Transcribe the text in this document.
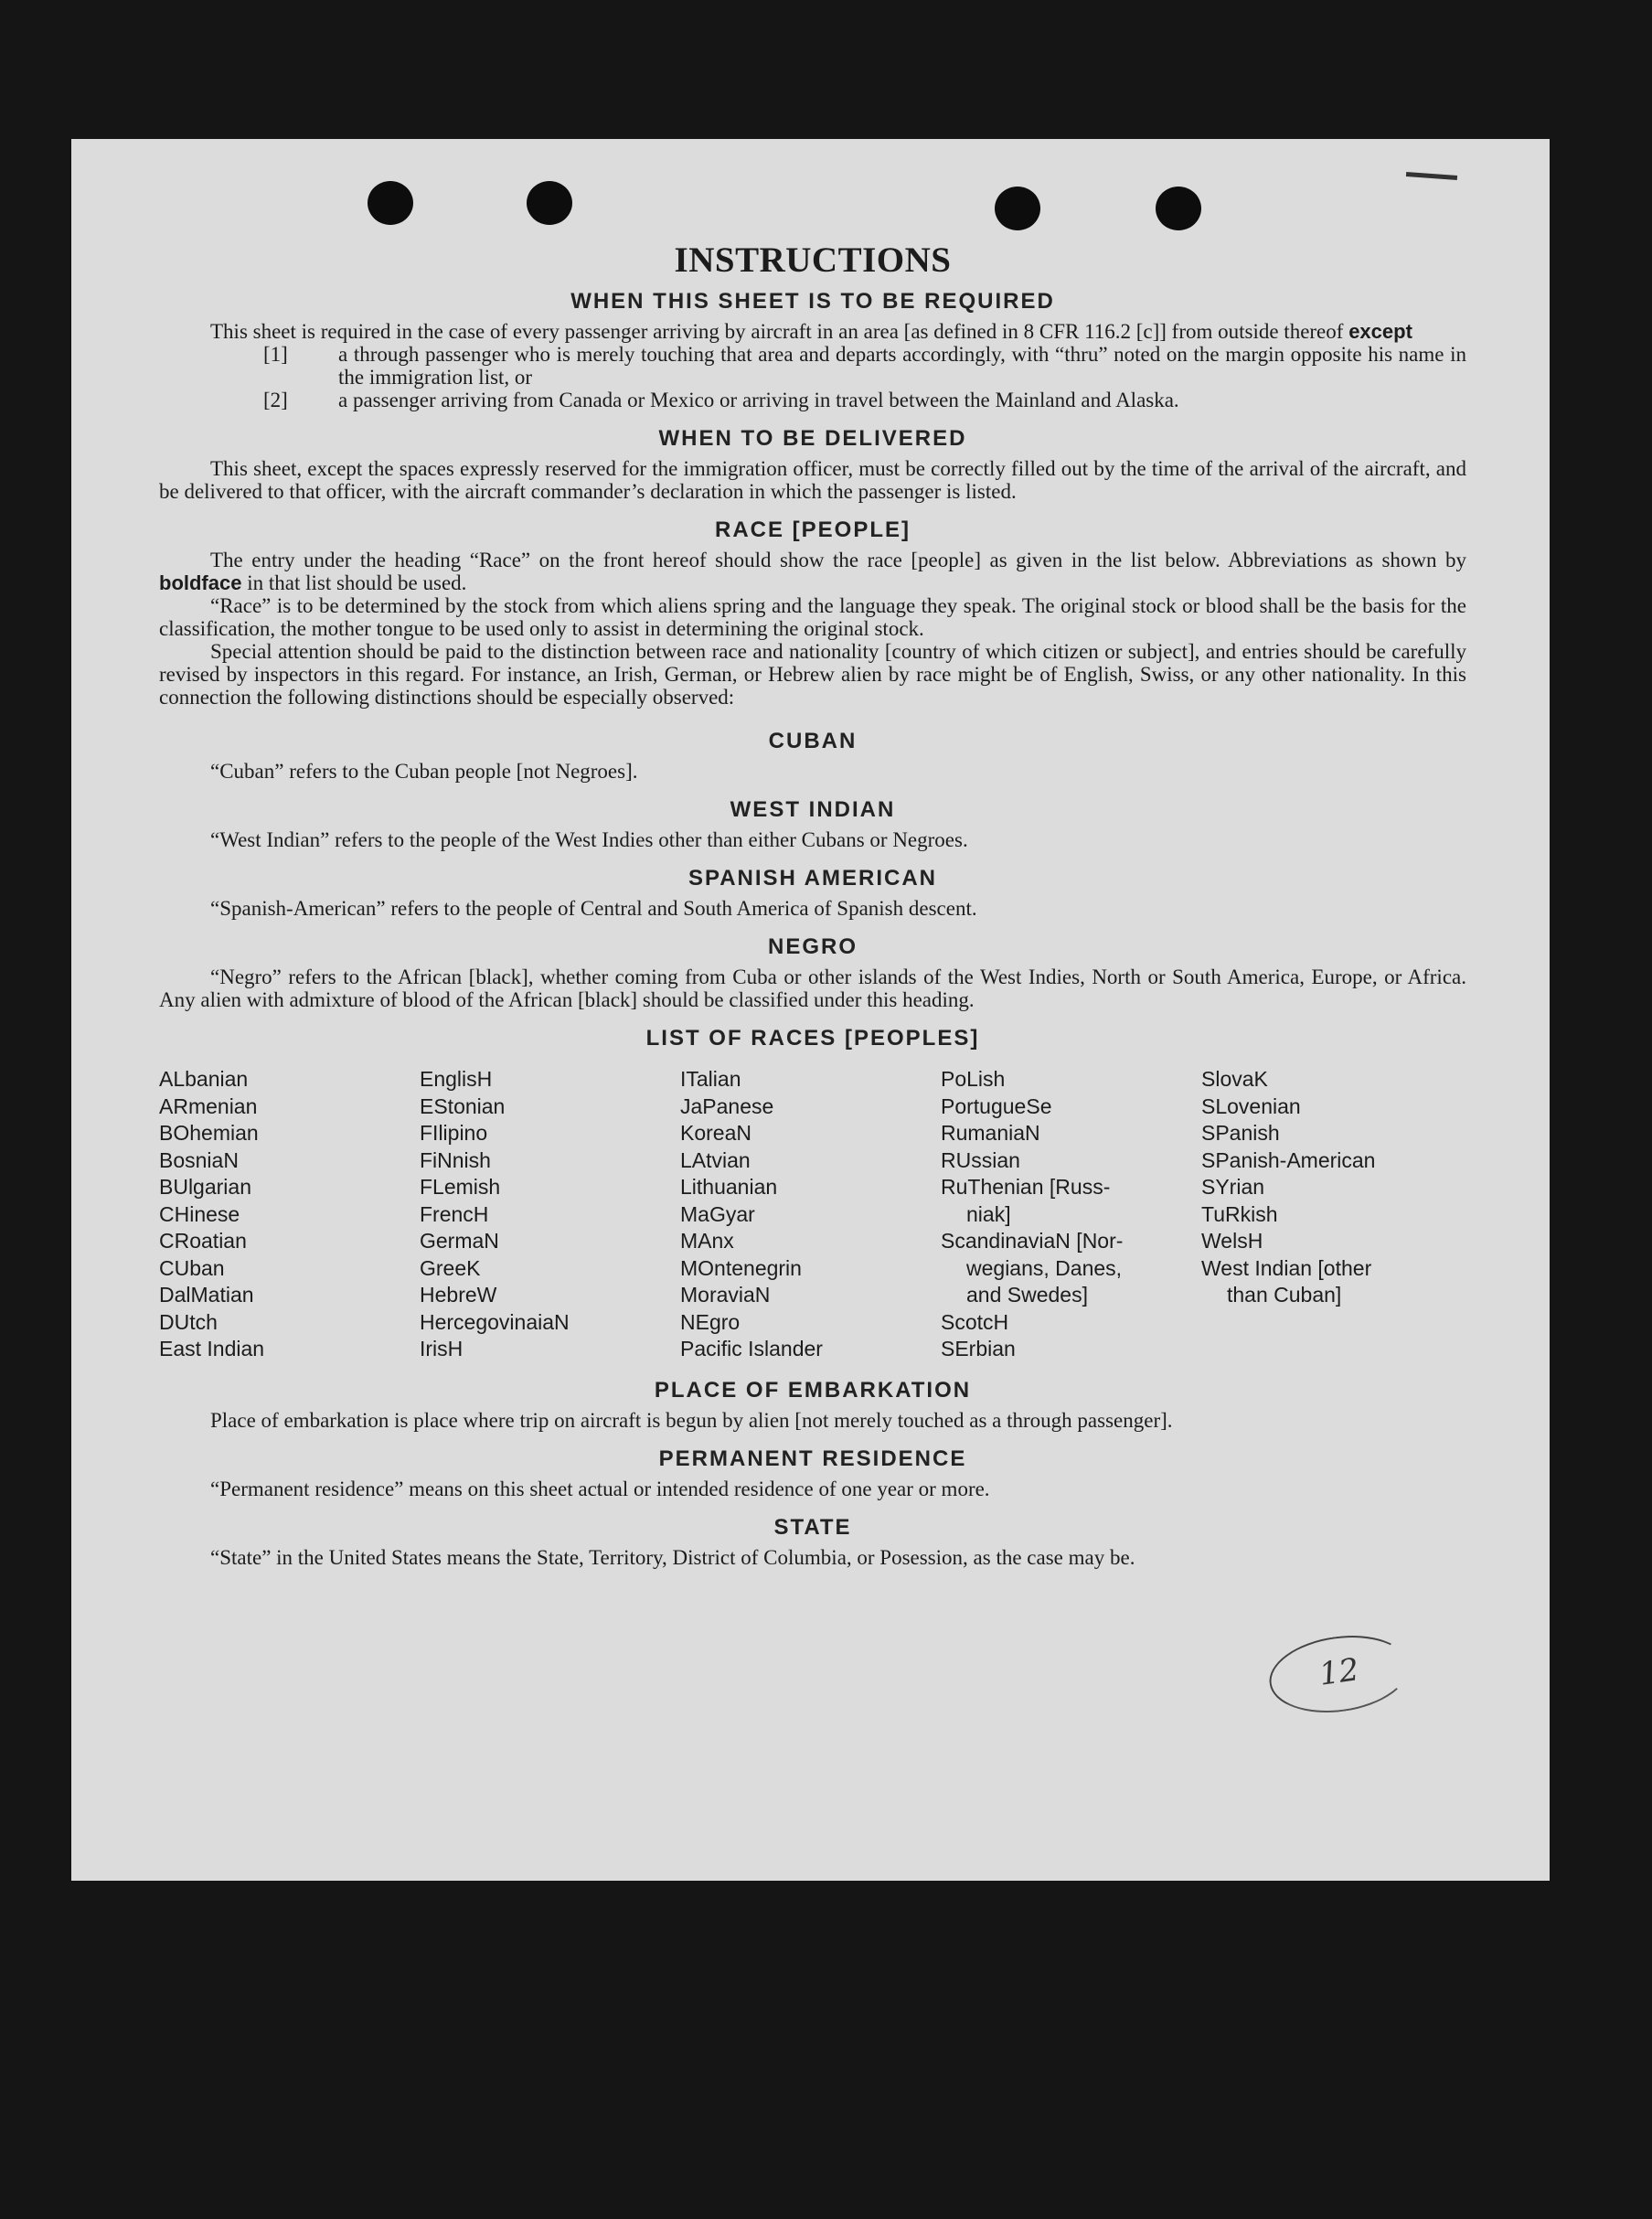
INSTRUCTIONS
WHEN THIS SHEET IS TO BE REQUIRED

This sheet is required in the case of every passenger arriving by aircraft in an area [as defined in 8 CFR 116.2 [c]] from outside thereof except

[1] a through passenger who is merely touching that area and departs accordingly, with “thru” noted on the margin opposite his name in the immigration list, or

[2] a passenger arriving from Canada or Mexico or arriving in travel between the Mainland and Alaska.

WHEN TO BE DELIVERED

This sheet, except the spaces expressly reserved for the immigration officer, must be correctly filled out by the time of the arrival of the aircraft, and be delivered to that officer, with the aircraft commander’s declaration in which the passenger is listed.

RACE [PEOPLE]

The entry under the heading “Race” on the front hereof should show the race [people] as given in the list below. Abbreviations as shown by boldface in that list should be used.

“Race” is to be determined by the stock from which aliens spring and the language they speak. The original stock or blood shall be the basis for the classification, the mother tongue to be used only to assist in determining the original stock.

Special attention should be paid to the distinction between race and nationality [country of which citizen or subject], and entries should be carefully revised by inspectors in this regard. For instance, an Irish, German, or Hebrew alien by race might be of English, Swiss, or any other nationality. In this connection the following distinctions should be especially observed:

CUBAN

“Cuban” refers to the Cuban people [not Negroes].

WEST INDIAN

“West Indian” refers to the people of the West Indies other than either Cubans or Negroes.

SPANISH AMERICAN

“Spanish-American” refers to the people of Central and South America of Spanish descent.

NEGRO

“Negro” refers to the African [black], whether coming from Cuba or other islands of the West Indies, North or South America, Europe, or Africa. Any alien with admixture of blood of the African [black] should be classified under this heading.

LIST OF RACES [PEOPLES]
ALbanian	EnglisH	ITalian	PoLish	SlovaK
ARmenian	EStonian	JaPanese	PortugueSe	SLovenian
BOhemian	FIlipino	KoreaN	RumaniaN	SPanish
BosniaN	FiNnish	LAtvian	RUssian	SPanish-American
BUlgarian	FLemish	Lithuanian	RuThenian [Russ-	SYrian
CHinese	FrencH	MaGyar	niak]	TuRkish
CRoatian	GermaN	MAnx	ScandinaviaN [Nor-	WelsH
CUban	GreeK	MOntenegrin	wegians, Danes,	West Indian [other
DalMatian	HebreW	MoraviaN	and Swedes]	than Cuban]
DUtch	HercegovinaiaN	NEgro	ScotcH
East Indian	IrisH	Pacific Islander	SErbian
PLACE OF EMBARKATION

Place of embarkation is place where trip on aircraft is begun by alien [not merely touched as a through passenger].

PERMANENT RESIDENCE

“Permanent residence” means on this sheet actual or intended residence of one year or more.

STATE

“State” in the United States means the State, Territory, District of Columbia, or Posession, as the case may be.

12
